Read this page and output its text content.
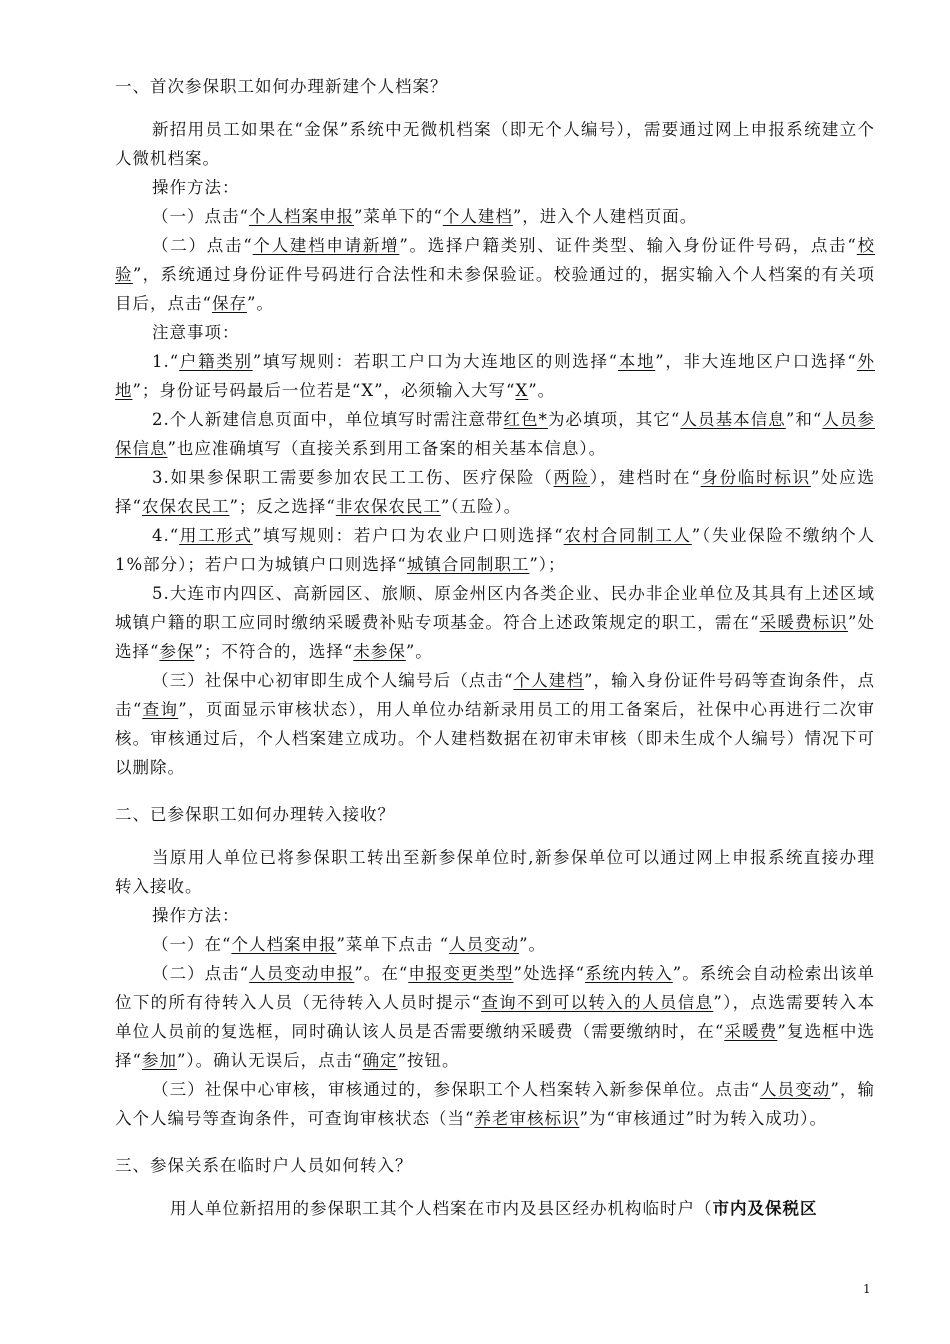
一、首次参保职工如何办理新建个人档案？

新招用员工如果在“金保”系统中无微机档案（即无个人编号），需要通过网上申报系统建立个人微机档案。

操作方法：

（一）点击“个人档案申报”菜单下的“个人建档”，进入个人建档页面。

（二）点击“个人建档申请新增”。选择户籍类别、证件类型、输入身份证件号码，点击“校验”，系统通过身份证件号码进行合法性和未参保验证。校验通过的，据实输入个人档案的有关项目后，点击“保存”。

注意事项：

1.“户籍类别”填写规则：若职工户口为大连地区的则选择“本地”，非大连地区户口选择“外地”；身份证号码最后一位若是“X”，必须输入大写“X”。

2.个人新建信息页面中，单位填写时需注意带红色*为必填项，其它“人员基本信息”和“人员参保信息”也应准确填写（直接关系到用工备案的相关基本信息）。

3.如果参保职工需要参加农民工工伤、医疗保险（两险），建档时在“身份临时标识”处应选择“农保农民工”；反之选择“非农保农民工”（五险）。

4.“用工形式”填写规则：若户口为农业户口则选择“农村合同制工人”（失业保险不缴纳个人 1%部分）；若户口为城镇户口则选择“城镇合同制职工”）；

5.大连市内四区、高新园区、旅顺、原金州区内各类企业、民办非企业单位及其具有上述区域城镇户籍的职工应同时缴纳采暖费补贴专项基金。符合上述政策规定的职工，需在“采暖费标识”处选择“参保”；不符合的，选择“未参保”。

（三）社保中心初审即生成个人编号后（点击“个人建档”，输入身份证件号码等查询条件，点击“查询”，页面显示审核状态），用人单位办结新录用员工的用工备案后，社保中心再进行二次审核。审核通过后，个人档案建立成功。个人建档数据在初审未审核（即未生成个人编号）情况下可以删除。

二、已参保职工如何办理转入接收？

当原用人单位已将参保职工转出至新参保单位时,新参保单位可以通过网上申报系统直接办理转入接收。

操作方法：

（一）在“个人档案申报”菜单下点击 “人员变动”。

（二）点击“人员变动申报”。在“申报变更类型”处选择“系统内转入”。系统会自动检索出该单位下的所有待转入人员（无待转入人员时提示“查询不到可以转入的人员信息”），点选需要转入本单位人员前的复选框，同时确认该人员是否需要缴纳采暖费（需要缴纳时，在“采暖费”复选框中选择“参加”）。确认无误后，点击“确定”按钮。

（三）社保中心审核，审核通过的，参保职工个人档案转入新参保单位。点击“人员变动”，输入个人编号等查询条件，可查询审核状态（当“养老审核标识”为“审核通过”时为转入成功）。

三、参保关系在临时户人员如何转入？

用人单位新招用的参保职工其个人档案在市内及县区经办机构临时户（市内及保税区

1
